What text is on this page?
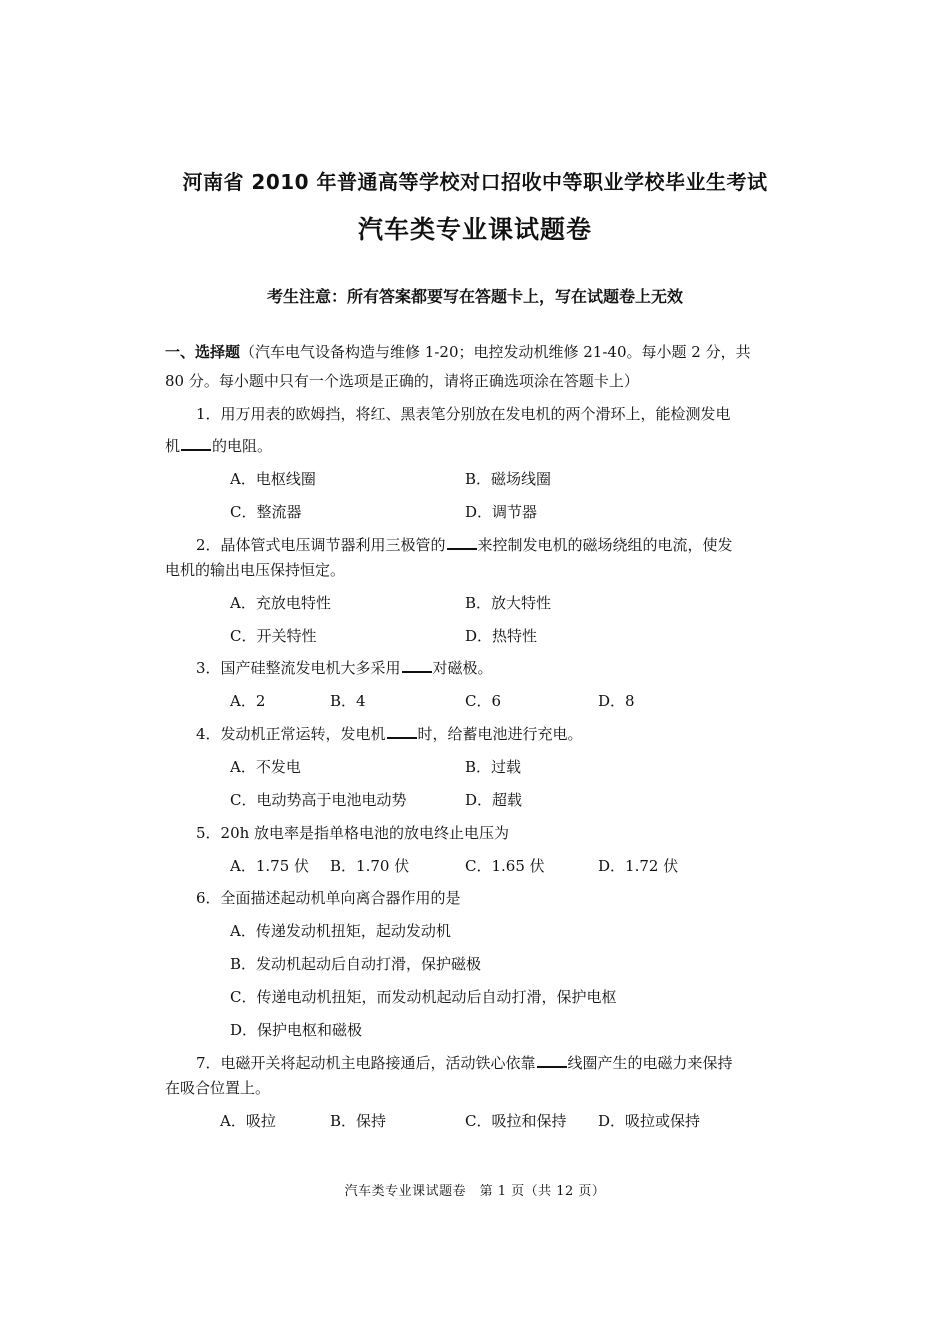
河南省 2010 年普通高等学校对口招收中等职业学校毕业生考试
汽车类专业课试题卷
考生注意：所有答案都要写在答题卡上，写在试题卷上无效
一、选择题（汽车电气设备构造与维修 1-20；电控发动机维修 21-40。每小题 2 分，共
80 分。每小题中只有一个选项是正确的，请将正确选项涂在答题卡上）
1．用万用表的欧姆挡，将红、黑表笔分别放在发电机的两个滑环上，能检测发电
机 的电阻。
A．电枢线圈	B．磁场线圈
C．整流器	D．调节器
2．晶体管式电压调节器利用三极管的 来控制发电机的磁场绕组的电流，使发
电机的输出电压保持恒定。
A．充放电特性	B．放大特性
C．开关特性	D．热特性
3．国产硅整流发电机大多采用 对磁极。
A．2	B．4	C．6	D．8
4．发动机正常运转，发电机 时，给蓄电池进行充电。
A．不发电	B．过载
C．电动势高于电池电动势	D．超载
5．20h 放电率是指单格电池的放电终止电压为
A．1.75 伏 B．1.70 伏	C．1.65 伏	D．1.72 伏
6．全面描述起动机单向离合器作用的是
A．传递发动机扭矩，起动发动机
B．发动机起动后自动打滑，保护磁极
C．传递电动机扭矩，而发动机起动后自动打滑，保护电枢
D．保护电枢和磁极
7．电磁开关将起动机主电路接通后，活动铁心依靠 线圈产生的电磁力来保持
在吸合位置上。
A．吸拉	B．保持	C．吸拉和保持 D．吸拉或保持
汽车类专业课试题卷　第 1 页（共 12 页）
